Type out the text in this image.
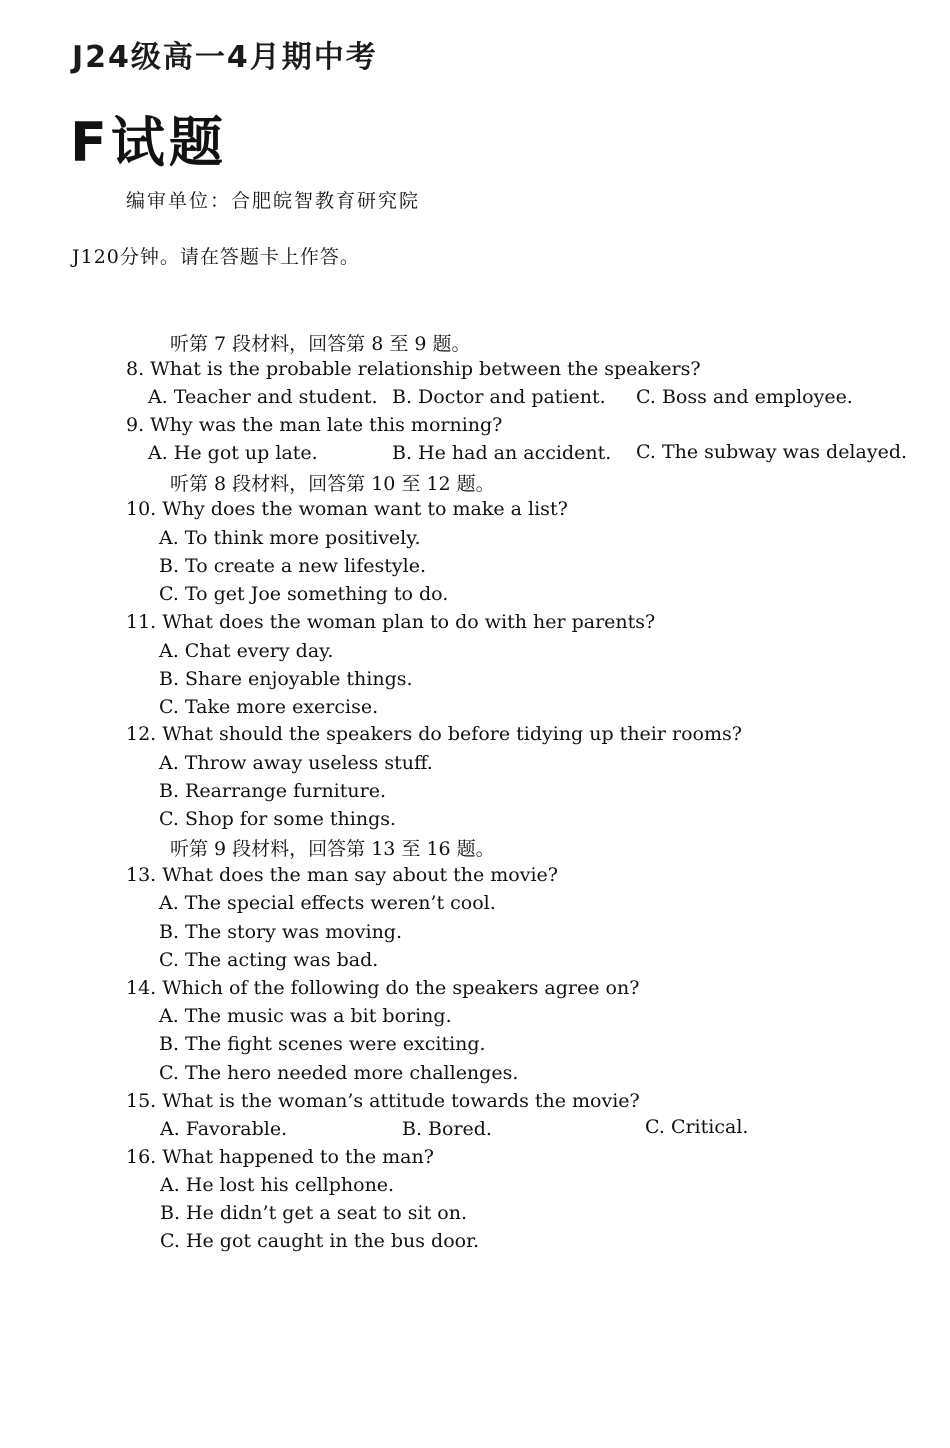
J24级高一4月期中考
F试题
编审单位：合肥皖智教育研究院
J120分钟。请在答题卡上作答。
听第 7 段材料，回答第 8 至 9 题。
8. What is the probable relationship between the speakers?
A. Teacher and student. B. Doctor and patient. C. Boss and employee.
9. Why was the man late this morning?
A. He got up late.	B. He had an accident. C. The subway was delayed.
听第 8 段材料，回答第 10 至 12 题。
10. Why does the woman want to make a list?
A. To think more positively.
B. To create a new lifestyle.
C. To get Joe something to do.
11. What does the woman plan to do with her parents?
A. Chat every day.
B. Share enjoyable things.
C. Take more exercise.
12. What should the speakers do before tidying up their rooms?
A. Throw away useless stuff.
B. Rearrange furniture.
C. Shop for some things.
听第 9 段材料，回答第 13 至 16 题。
13. What does the man say about the movie?
A. The special effects weren’t cool.
B. The story was moving.
C. The acting was bad.
14. Which of the following do the speakers agree on?
A. The music was a bit boring.
B. The fight scenes were exciting.
C. The hero needed more challenges.
15. What is the woman’s attitude towards the movie?
A. Favorable.	B. Bored.	C. Critical.
16. What happened to the man?
A. He lost his cellphone.
B. He didn’t get a seat to sit on.
C. He got caught in the bus door.
